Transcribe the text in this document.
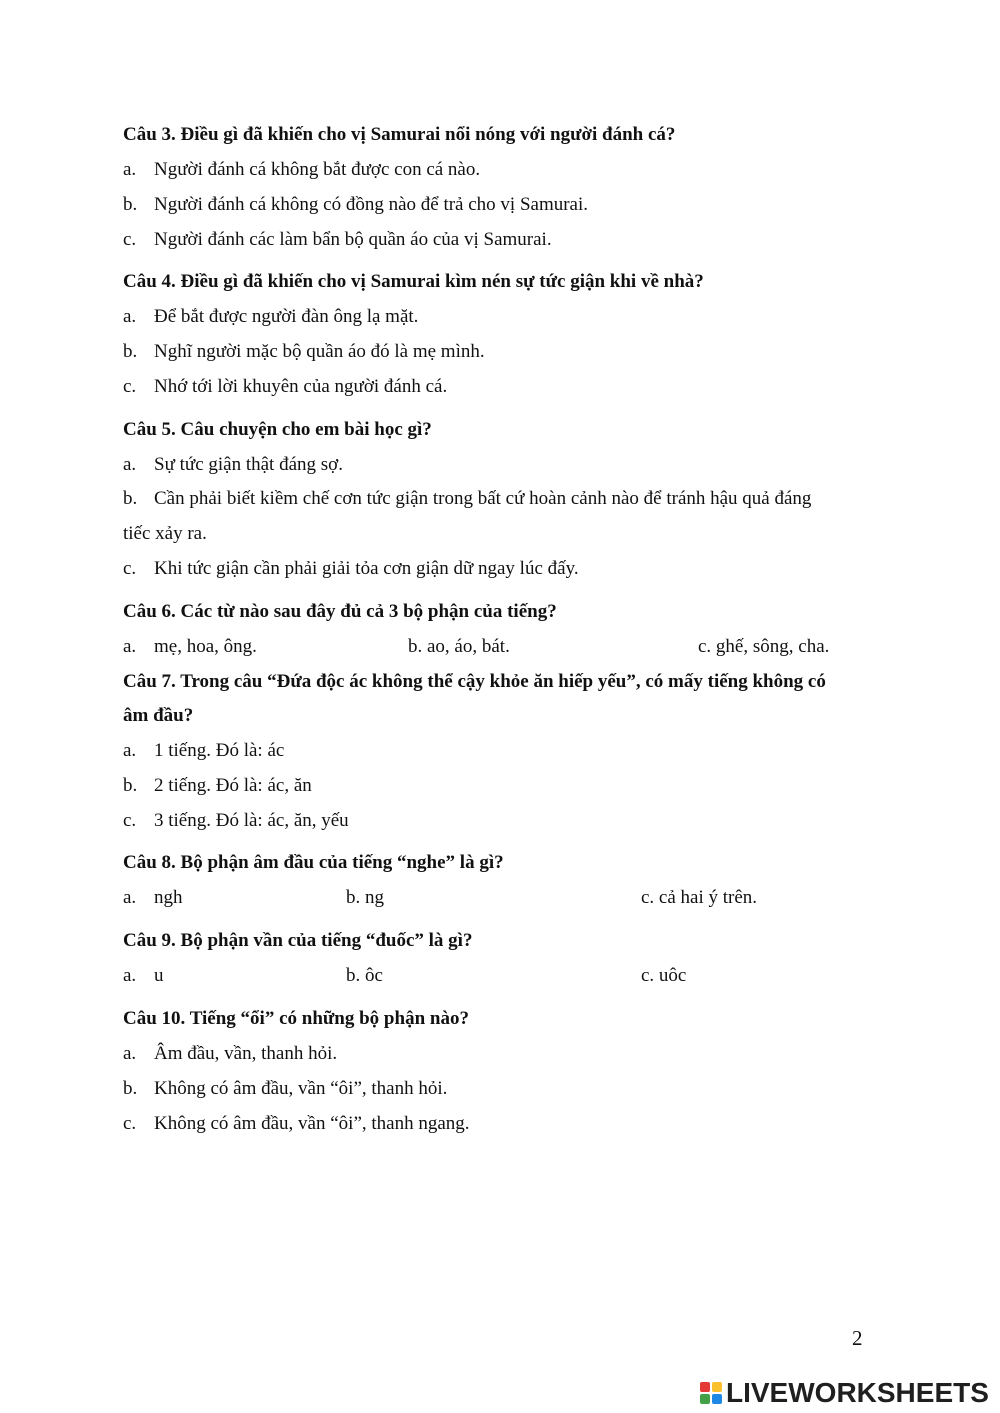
Câu 3. Điều gì đã khiến cho vị Samurai nổi nóng với người đánh cá?
a. Người đánh cá không bắt được con cá nào.
b. Người đánh cá không có đồng nào để trả cho vị Samurai.
c. Người đánh các làm bẩn bộ quần áo của vị Samurai.
Câu 4. Điều gì đã khiến cho vị Samurai kìm nén sự tức giận khi về nhà?
a. Để bắt được người đàn ông lạ mặt.
b. Nghĩ người mặc bộ quần áo đó là mẹ mình.
c. Nhớ tới lời khuyên của người đánh cá.
Câu 5. Câu chuyện cho em bài học gì?
a. Sự tức giận thật đáng sợ.
b. Cần phải biết kiềm chế cơn tức giận trong bất cứ hoàn cảnh nào để tránh hậu quả đáng
tiếc xảy ra.
c. Khi tức giận cần phải giải tỏa cơn giận dữ ngay lúc đấy.
Câu 6. Các từ nào sau đây đủ cả 3 bộ phận của tiếng?
a. mẹ, hoa, ông.	b. ao, áo, bát.	c. ghế, sông, cha.
Câu 7. Trong câu “Đứa độc ác không thể cậy khỏe ăn hiếp yếu”, có mấy tiếng không có
âm đầu?
a. 1 tiếng. Đó là: ác
b. 2 tiếng. Đó là: ác, ăn
c. 3 tiếng. Đó là: ác, ăn, yếu
Câu 8. Bộ phận âm đầu của tiếng “nghe” là gì?
a. ngh	b. ng	c. cả hai ý trên.
Câu 9. Bộ phận vần của tiếng “đuốc” là gì?
a. u	b. ôc	c. uôc
Câu 10. Tiếng “ổi” có những bộ phận nào?
a. Âm đầu, vần, thanh hỏi.
b. Không có âm đầu, vần “ôi”, thanh hỏi.
c. Không có âm đầu, vần “ôi”, thanh ngang.
2
LIVEWORKSHEETS
